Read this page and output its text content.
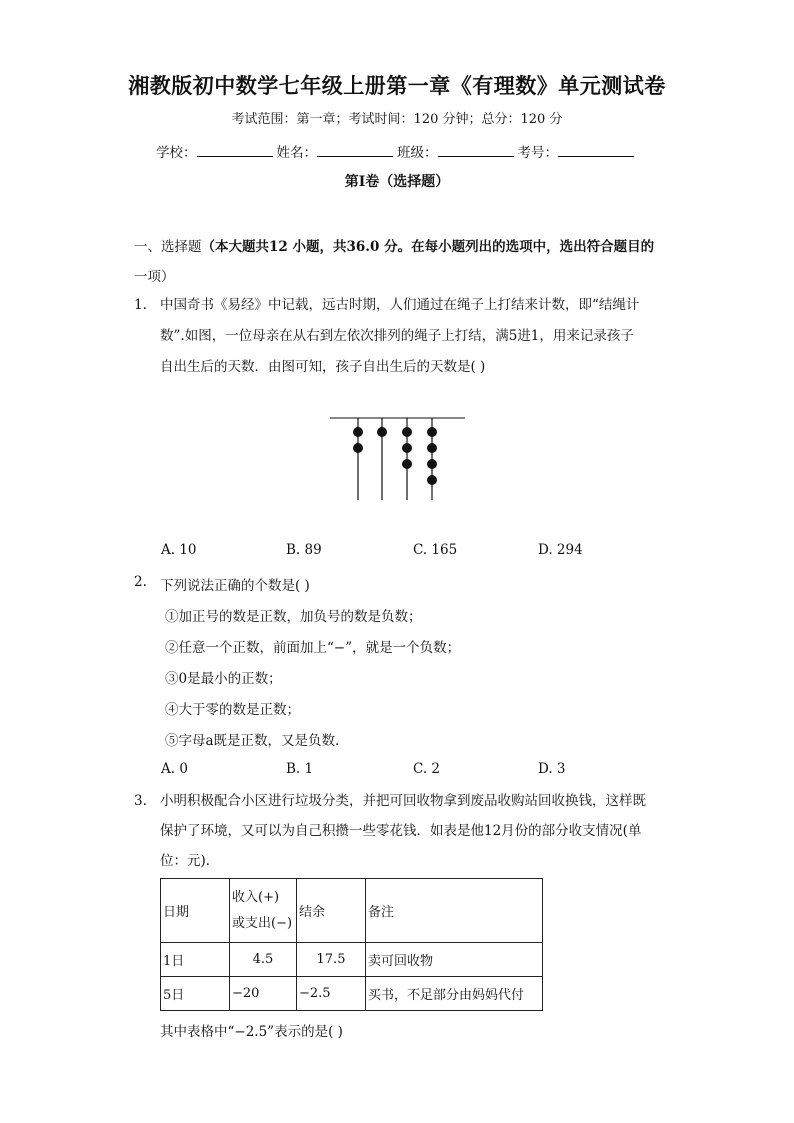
湘教版初中数学七年级上册第一章《有理数》单元测试卷
考试范围：第一章；考试时间：120 分钟；总分：120 分
学校：	姓名：	班级：	考号：
第I卷（选择题）
一、选择题（本大题共12 小题，共36.0 分。在每小题列出的选项中，选出符合题目的
一项）
1. 中国奇书《易经》中记载，远古时期，人们通过在绳子上打结来计数，即“结绳计
数”.如图，一位母亲在从右到左依次排列的绳子上打结，满5进1，用来记录孩子
自出生后的天数．由图可知，孩子自出生后的天数是( )
A. 10	B. 89	C. 165	D. 294
2. 下列说法正确的个数是( )
①加正号的数是正数，加负号的数是负数；
②任意一个正数，前面加上“−”，就是一个负数；
③0是最小的正数；
④大于零的数是正数；
⑤字母a既是正数，又是负数．
A. 0	B. 1	C. 2	D. 3
3. 小明积极配合小区进行垃圾分类，并把可回收物拿到废品收购站回收换钱，这样既
保护了环境，又可以为自己积攒一些零花钱．如表是他12月份的部分收支情况(单
位：元)．
日期	收入(+)
或支出(−)	结余	备注
1日	4.5	17.5	卖可回收物
5日	−20	−2.5	买书，不足部分由妈妈代付
其中表格中“−2.5”表示的是( )
